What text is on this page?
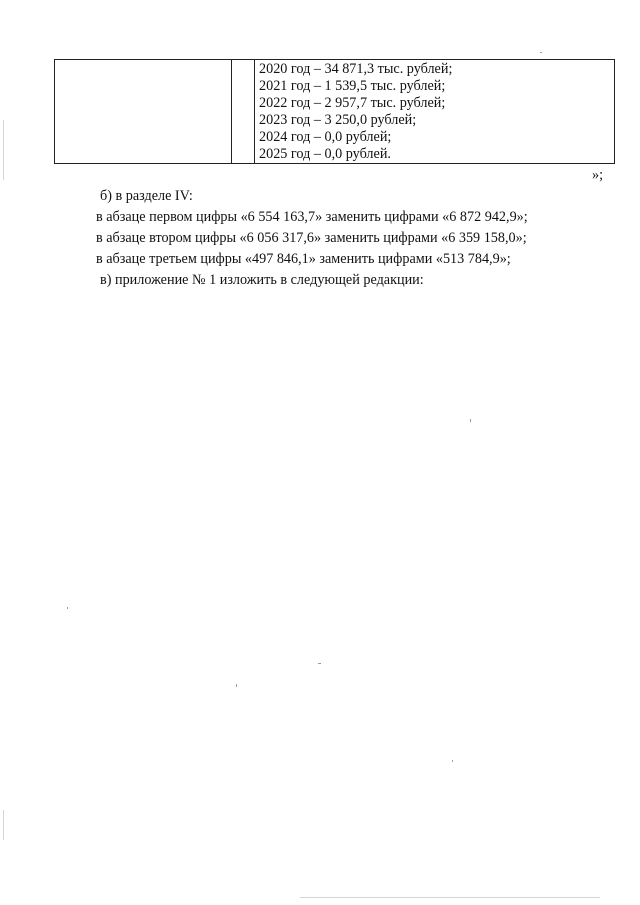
2020 год – 34 871,3 тыс. рублей;
2021 год – 1 539,5 тыс. рублей;
2022 год – 2 957,7 тыс. рублей;
2023 год – 3 250,0 рублей;
2024 год – 0,0 рублей;
2025 год – 0,0 рублей.
»;
б) в разделе IV:
в абзаце первом цифры «6 554 163,7» заменить цифрами «6 872 942,9»;
в абзаце втором цифры «6 056 317,6» заменить цифрами «6 359 158,0»;
в абзаце третьем цифры «497 846,1» заменить цифрами «513 784,9»;
в) приложение № 1 изложить в следующей редакции:
